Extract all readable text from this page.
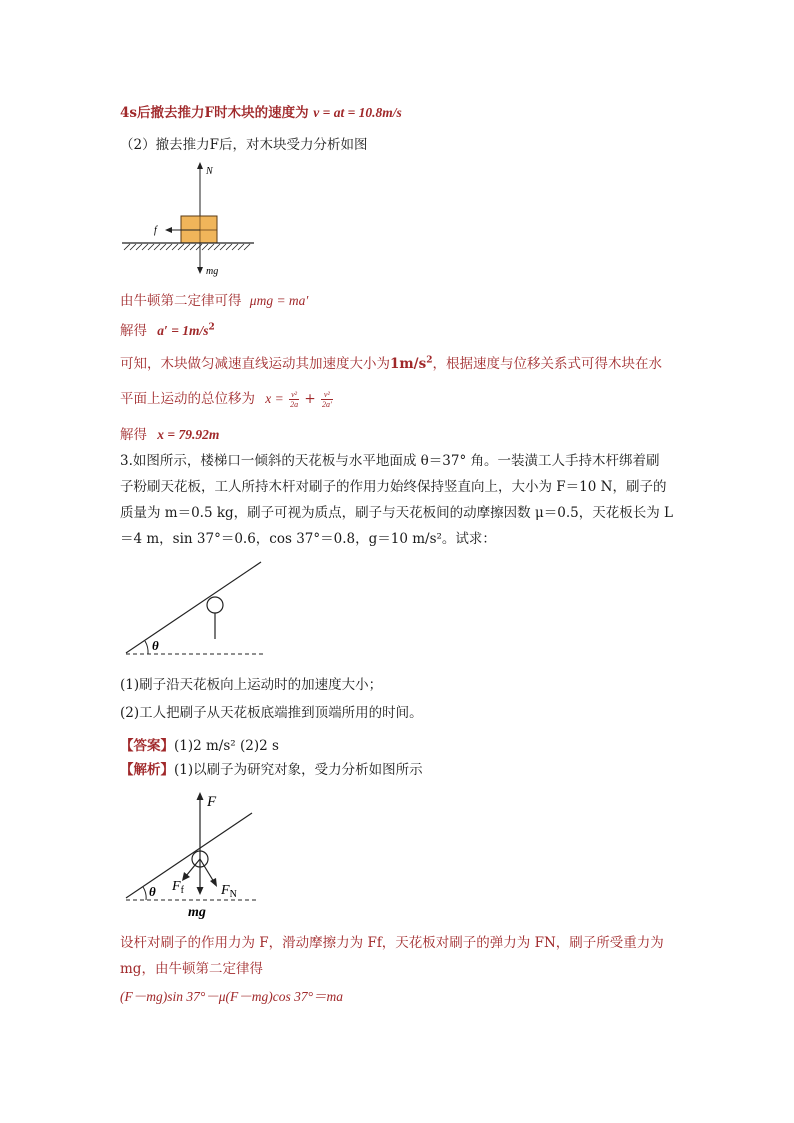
4s后撤去推力F时木块的速度为 v = at = 10.8m/s
（2）撤去推力F后，对木块受力分析如图
N
f
mg
由牛顿第二定律可得 μmg = ma′
解得 $a' = 1m/s^2$
可知，木块做匀减速直线运动其加速度大小为$1m/s^2$，根据速度与位移关系式可得木块在水
平面上运动的总位移为 $x = \frac{\text{v²}}{2a} + \frac{\text{v²}}{2a'}$
解得 x = 79.92m
3.如图所示，楼梯口一倾斜的天花板与水平地面成 θ＝37° 角。一装潢工人手持木杆绑着刷
子粉刷天花板，工人所持木杆对刷子的作用力始终保持竖直向上，大小为 F＝10 N，刷子的
质量为 m＝0.5 kg，刷子可视为质点，刷子与天花板间的动摩擦因数 μ＝0.5，天花板长为 L
＝4 m，sin 37°＝0.6，cos 37°＝0.8，g＝10 m/s²。试求：
θ
(1)刷子沿天花板向上运动时的加速度大小；
(2)工人把刷子从天花板底端推到顶端所用的时间。
【答案】(1)2 m/s² (2)2 s
【解析】(1)以刷子为研究对象，受力分析如图所示
F
$F_f$	$F_N$
mg
θ
设杆对刷子的作用力为 F，滑动摩擦力为 Ff，天花板对刷子的弹力为 FN，刷子所受重力为
mg，由牛顿第二定律得
(F－mg)sin 37°－μ(F－mg)cos 37°＝ma
